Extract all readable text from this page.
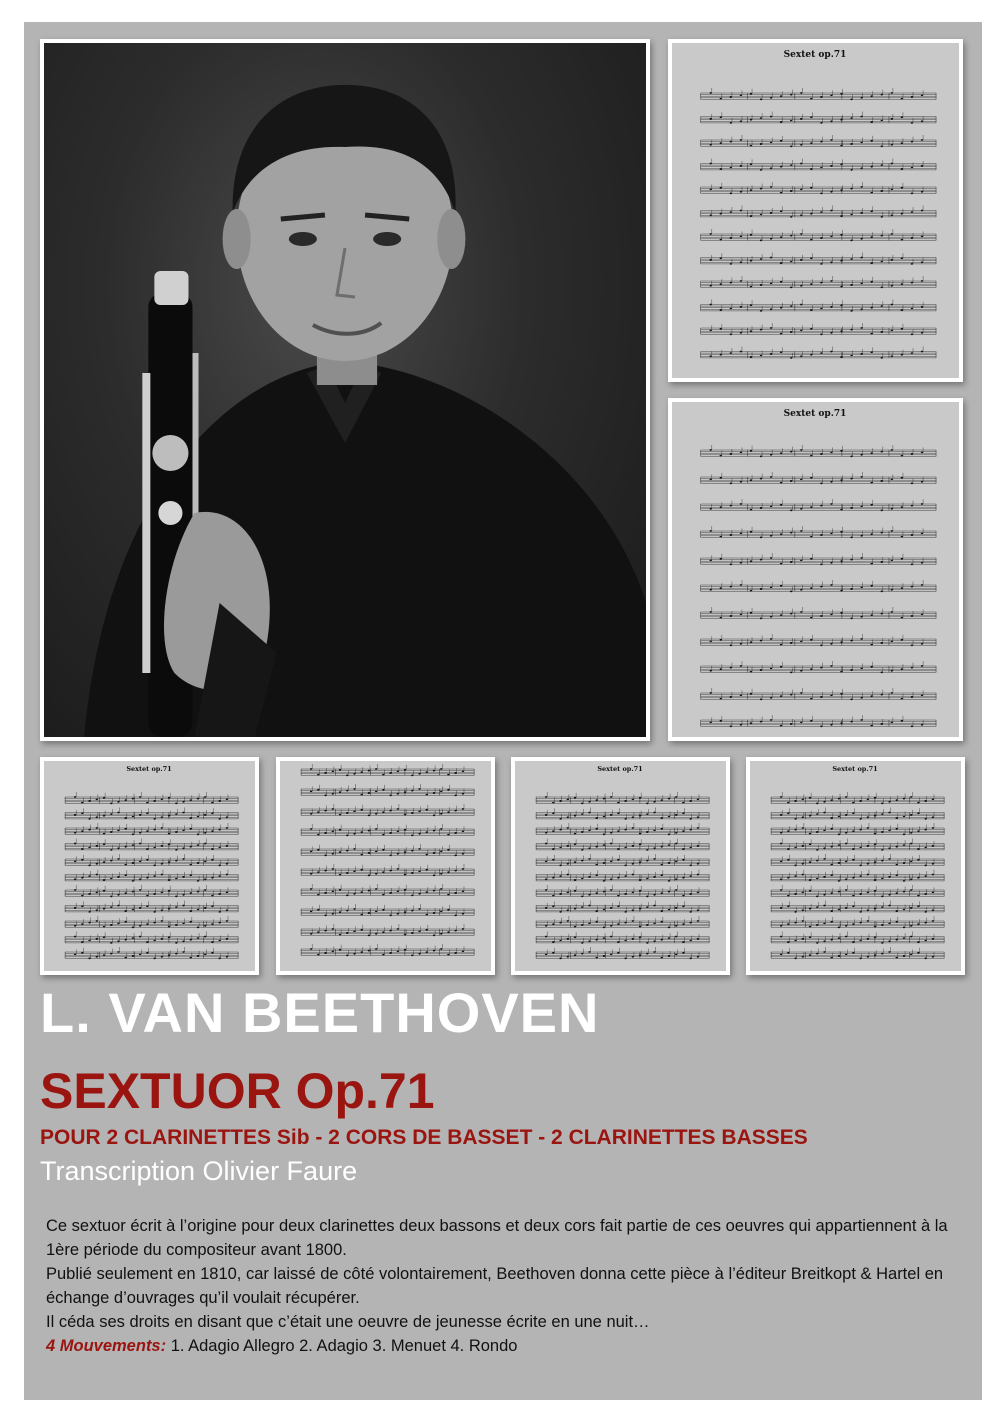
Sextet op.71
Sextet op.71
Sextet op.71	Sextet op.71	Sextet op.71
L. VAN BEETHOVEN
SEXTUOR Op.71
POUR 2 CLARINETTES Sib - 2 CORS DE BASSET - 2 CLARINETTES BASSES
Transcription Olivier Faure

Ce sextuor écrit à l’origine pour deux clarinettes deux bassons et deux cors fait partie de ces oeuvres qui appartiennent à la 1ère période du compositeur avant 1800.

Publié seulement en 1810, car laissé de côté volontairement, Beethoven donna cette pièce à l’éditeur Breitkopt & Hartel en échange d’ouvrages qu’il voulait récupérer.

Il céda ses droits en disant que c’était une oeuvre de jeunesse écrite en une nuit…

4 Mouvements: 1. Adagio Allegro 2. Adagio 3. Menuet 4. Rondo
